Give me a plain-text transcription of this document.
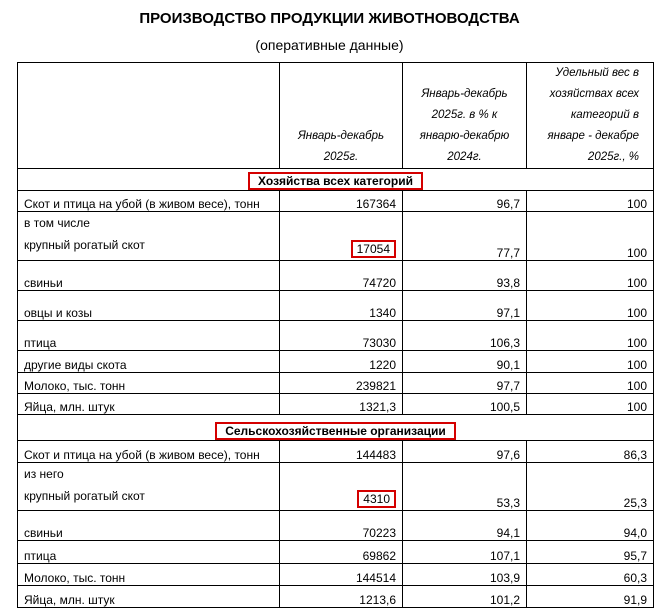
ПРОИЗВОДСТВО ПРОДУКЦИИ ЖИВОТНОВОДСТВА
(оперативные данные)
	Январь-декабрь 2025г.	Январь-декабрь 2025г. в % к январю-декабрю 2024г.	Удельный вес в хозяйствах всех категорий в январе - декабре 2025г., %
Хозяйства всех категорий			
Скот и птица на убой (в живом весе), тонн	167364	96,7	100

в том числе
крупный рогатый скот	17054	77,7	100
свиньи	74720	93,8	100
овцы и козы	1340	97,1	100
птица	73030	106,3	100
другие виды скота	1220	90,1	100
Молоко, тыс. тонн	239821	97,7	100
Яйца, млн. штук	1321,3	100,5	100
Сельскохозяйственные организации			
Скот и птица на убой (в живом весе), тонн	144483	97,6	86,3

из него
крупный рогатый скот	4310	53,3	25,3
свиньи	70223	94,1	94,0
птица	69862	107,1	95,7
Молоко, тыс. тонн	144514	103,9	60,3
Яйца, млн. штук	1213,6	101,2	91,9
